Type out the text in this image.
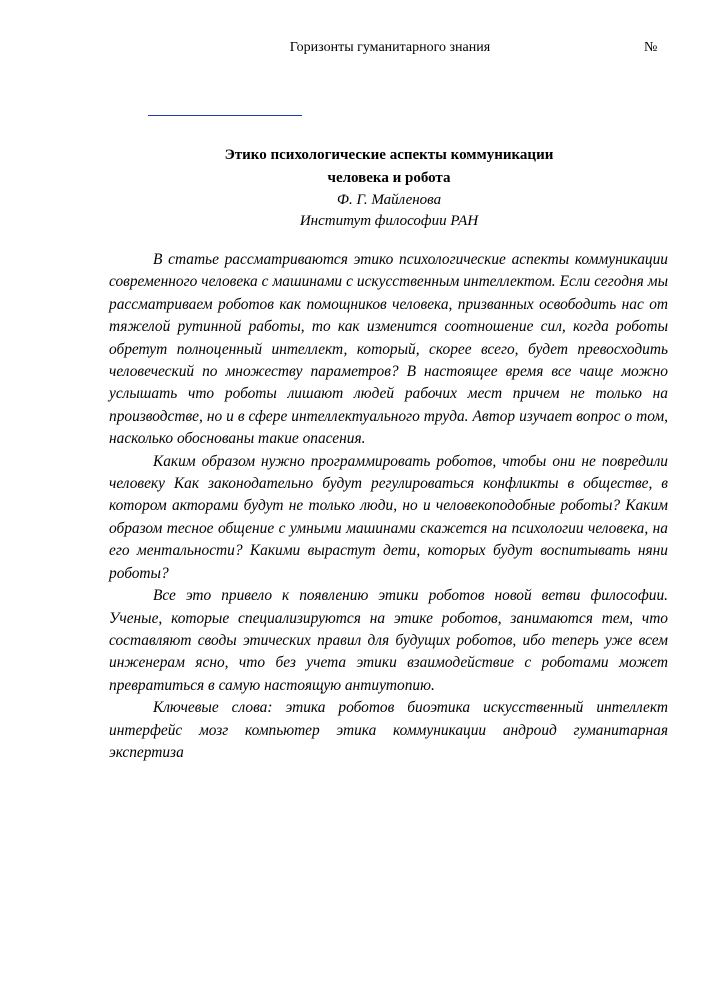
Горизонты гуманитарного знания	№
Этико психологические аспекты коммуникации
человека и робота
Ф. Г. Майленова
Институт философии РАН

В статье рассматриваются этико психологические аспекты коммуникации современного человека с машинами с искусственным интеллектом. Если сегодня мы рассматриваем роботов как помощников человека, призванных освободить нас от тяжелой рутинной работы, то как изменится соотношение сил, когда роботы обретут полноценный интеллект, который, скорее всего, будет превосходить человеческий по множеству параметров? В настоящее время все чаще можно услышать что роботы лишают людей рабочих мест причем не только на производстве, но и в сфере интеллектуального труда. Автор изучает вопрос о том, насколько обоснованы такие опасения.

Каким образом нужно программировать роботов, чтобы они не повредили человеку Как законодательно будут регулироваться конфликты в обществе, в котором акторами будут не только люди, но и человекоподобные роботы? Каким образом тесное общение с умными машинами скажется на психологии человека, на его ментальности? Какими вырастут дети, которых будут воспитывать няни роботы?

Все это привело к появлению этики роботов новой ветви философии. Ученые, которые специализируются на этике роботов, занимаются тем, что составляют своды этических правил для будущих роботов, ибо теперь уже всем инженерам ясно, что без учета этики взаимодействие с роботами может превратиться в самую настоящую антиутопию.

Ключевые слова: этика роботов биоэтика искусственный интеллект интерфейс мозг компьютер этика коммуникации андроид гуманитарная экспертиза
